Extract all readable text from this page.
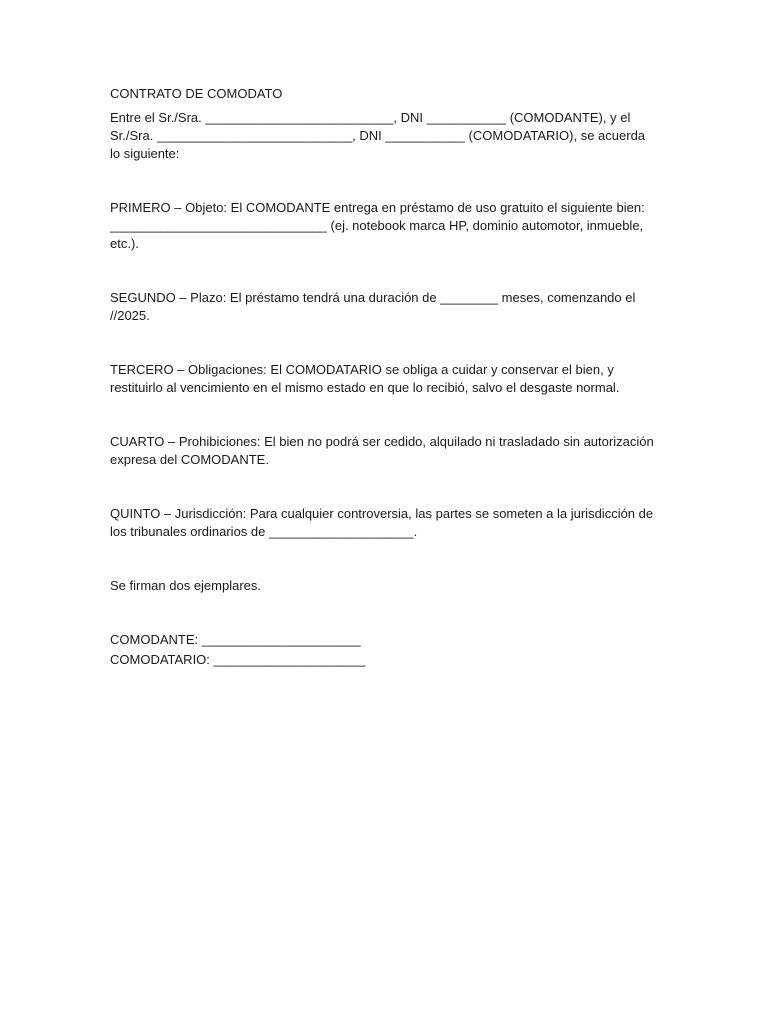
CONTRATO DE COMODATO

Entre el Sr./Sra. __________________________, DNI ___________ (COMODANTE), y el Sr./Sra. ___________________________, DNI ___________ (COMODATARIO), se acuerda lo siguiente:

PRIMERO – Objeto: El COMODANTE entrega en préstamo de uso gratuito el siguiente bien: ______________________________ (ej. notebook marca HP, dominio automotor, inmueble, etc.).

SEGUNDO – Plazo: El préstamo tendrá una duración de ________ meses, comenzando el //2025.

TERCERO – Obligaciones: El COMODATARIO se obliga a cuidar y conservar el bien, y restituirlo al vencimiento en el mismo estado en que lo recibió, salvo el desgaste normal.

CUARTO – Prohibiciones: El bien no podrá ser cedido, alquilado ni trasladado sin autorización expresa del COMODANTE.

QUINTO – Jurisdicción: Para cualquier controversia, las partes se someten a la jurisdicción de los tribunales ordinarios de ____________________.

Se firman dos ejemplares.

COMODANTE: ______________________

COMODATARIO: _____________________
